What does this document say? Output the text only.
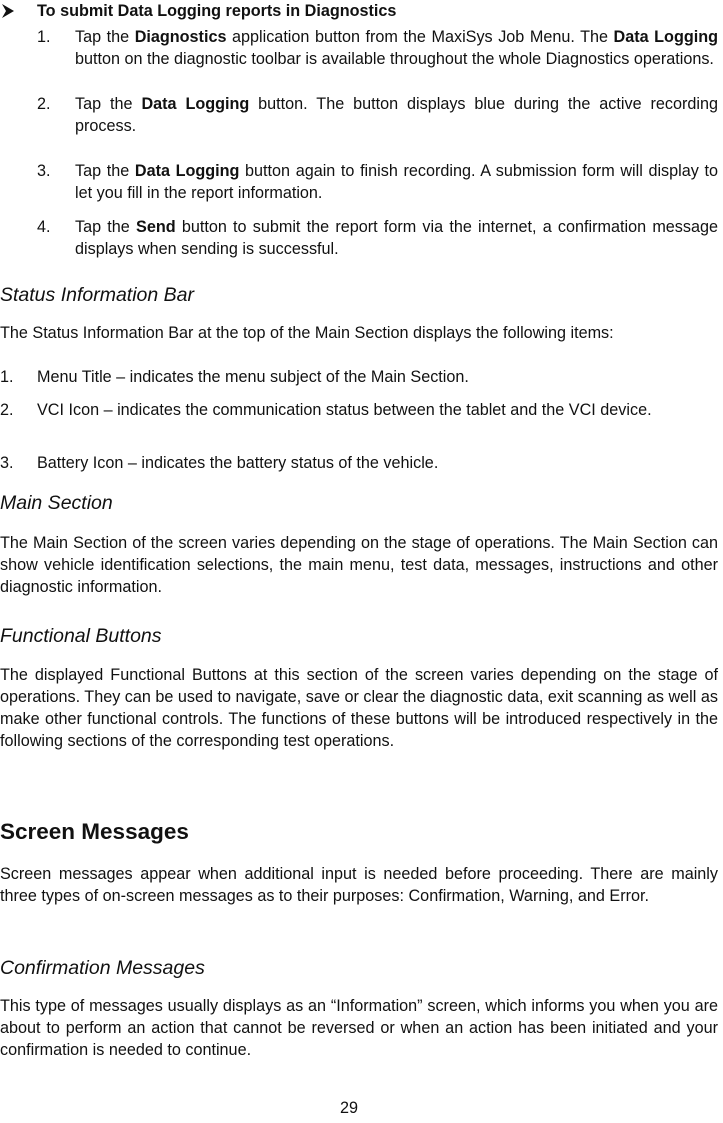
To submit Data Logging reports in Diagnostics
1. Tap the Diagnostics application button from the MaxiSys Job Menu. The Data Logging button on the diagnostic toolbar is available throughout the whole Diagnostics operations.
2. Tap the Data Logging button. The button displays blue during the active recording process.
3. Tap the Data Logging button again to finish recording. A submission form will display to let you fill in the report information.
4. Tap the Send button to submit the report form via the internet, a confirmation message displays when sending is successful.
Status Information Bar
The Status Information Bar at the top of the Main Section displays the following items:
1. Menu Title – indicates the menu subject of the Main Section.
2. VCI Icon – indicates the communication status between the tablet and the VCI device.
3. Battery Icon – indicates the battery status of the vehicle.
Main Section
The Main Section of the screen varies depending on the stage of operations. The Main Section can show vehicle identification selections, the main menu, test data, messages, instructions and other diagnostic information.
Functional Buttons
The displayed Functional Buttons at this section of the screen varies depending on the stage of operations. They can be used to navigate, save or clear the diagnostic data, exit scanning as well as make other functional controls. The functions of these buttons will be introduced respectively in the following sections of the corresponding test operations.
Screen Messages
Screen messages appear when additional input is needed before proceeding. There are mainly three types of on-screen messages as to their purposes: Confirmation, Warning, and Error.
Confirmation Messages
This type of messages usually displays as an “Information” screen, which informs you when you are about to perform an action that cannot be reversed or when an action has been initiated and your confirmation is needed to continue.
29
